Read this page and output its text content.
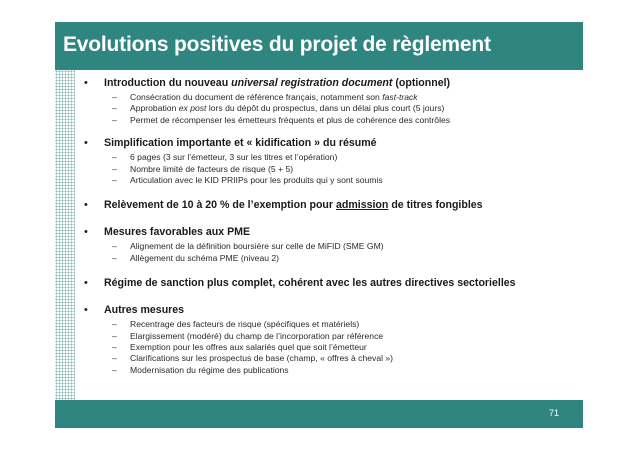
Evolutions positives du projet de règlement
• Introduction du nouveau universal registration document (optionnel)
– Consécration du document de référence français, notamment son fast-track
– Approbation ex post lors du dépôt du prospectus, dans un délai plus court (5 jours)
– Permet de récompenser les émetteurs fréquents et plus de cohérence des contrôles
• Simplification importante et « kidification » du résumé
– 6 pages (3 sur l’émetteur, 3 sur les titres et l’opération)
– Nombre limité de facteurs de risque (5 + 5)
– Articulation avec le KID PRIIPs pour les produits qui y sont soumis
• Relèvement de 10 à 20 % de l’exemption pour admission de titres fongibles
• Mesures favorables aux PME
– Alignement de la définition boursière sur celle de MiFID (SME GM)
– Allègement du schéma PME (niveau 2)
• Régime de sanction plus complet, cohérent avec les autres directives sectorielles
• Autres mesures
– Recentrage des facteurs de risque (spécifiques et matériels)
– Elargissement (modéré) du champ de l’incorporation par référence
– Exemption pour les offres aux salariés quel que soit l’émetteur
– Clarifications sur les prospectus de base (champ, « offres à cheval »)
– Modernisation du régime des publications
71
